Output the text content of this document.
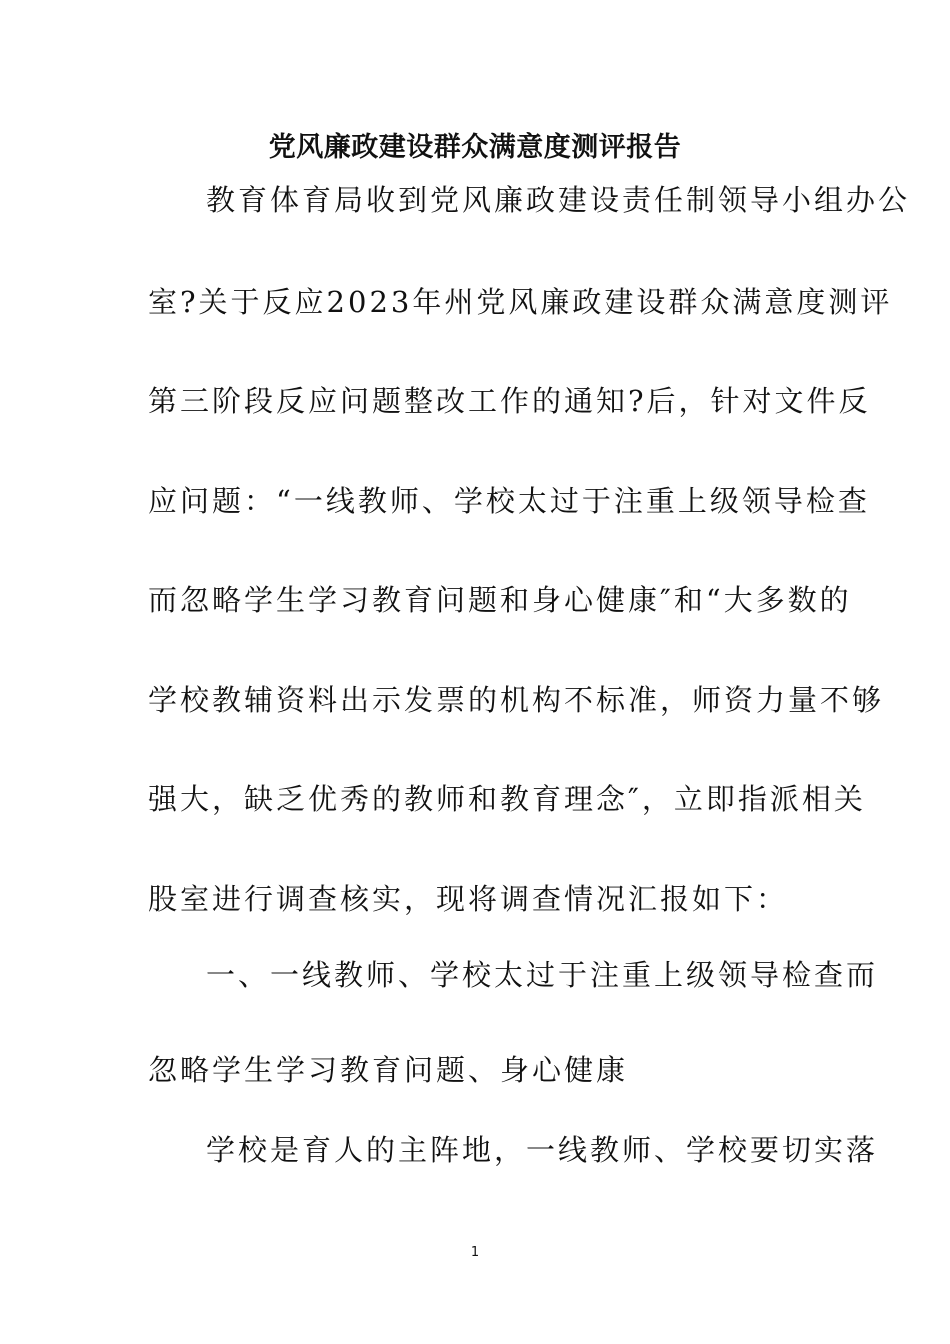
党风廉政建设群众满意度测评报告
教育体育局收到党风廉政建设责任制领导小组办公
室?关于反应2023年州党风廉政建设群众满意度测评
第三阶段反应问题整改工作的通知?后，针对文件反
应问题：“一线教师、学校太过于注重上级领导检查
而忽略学生学习教育问题和身心健康″和“大多数的
学校教辅资料出示发票的机构不标准，师资力量不够
强大，缺乏优秀的教师和教育理念″，立即指派相关
股室进行调查核实，现将调查情况汇报如下：
一、一线教师、学校太过于注重上级领导检查而
忽略学生学习教育问题、身心健康
学校是育人的主阵地，一线教师、学校要切实落
1
